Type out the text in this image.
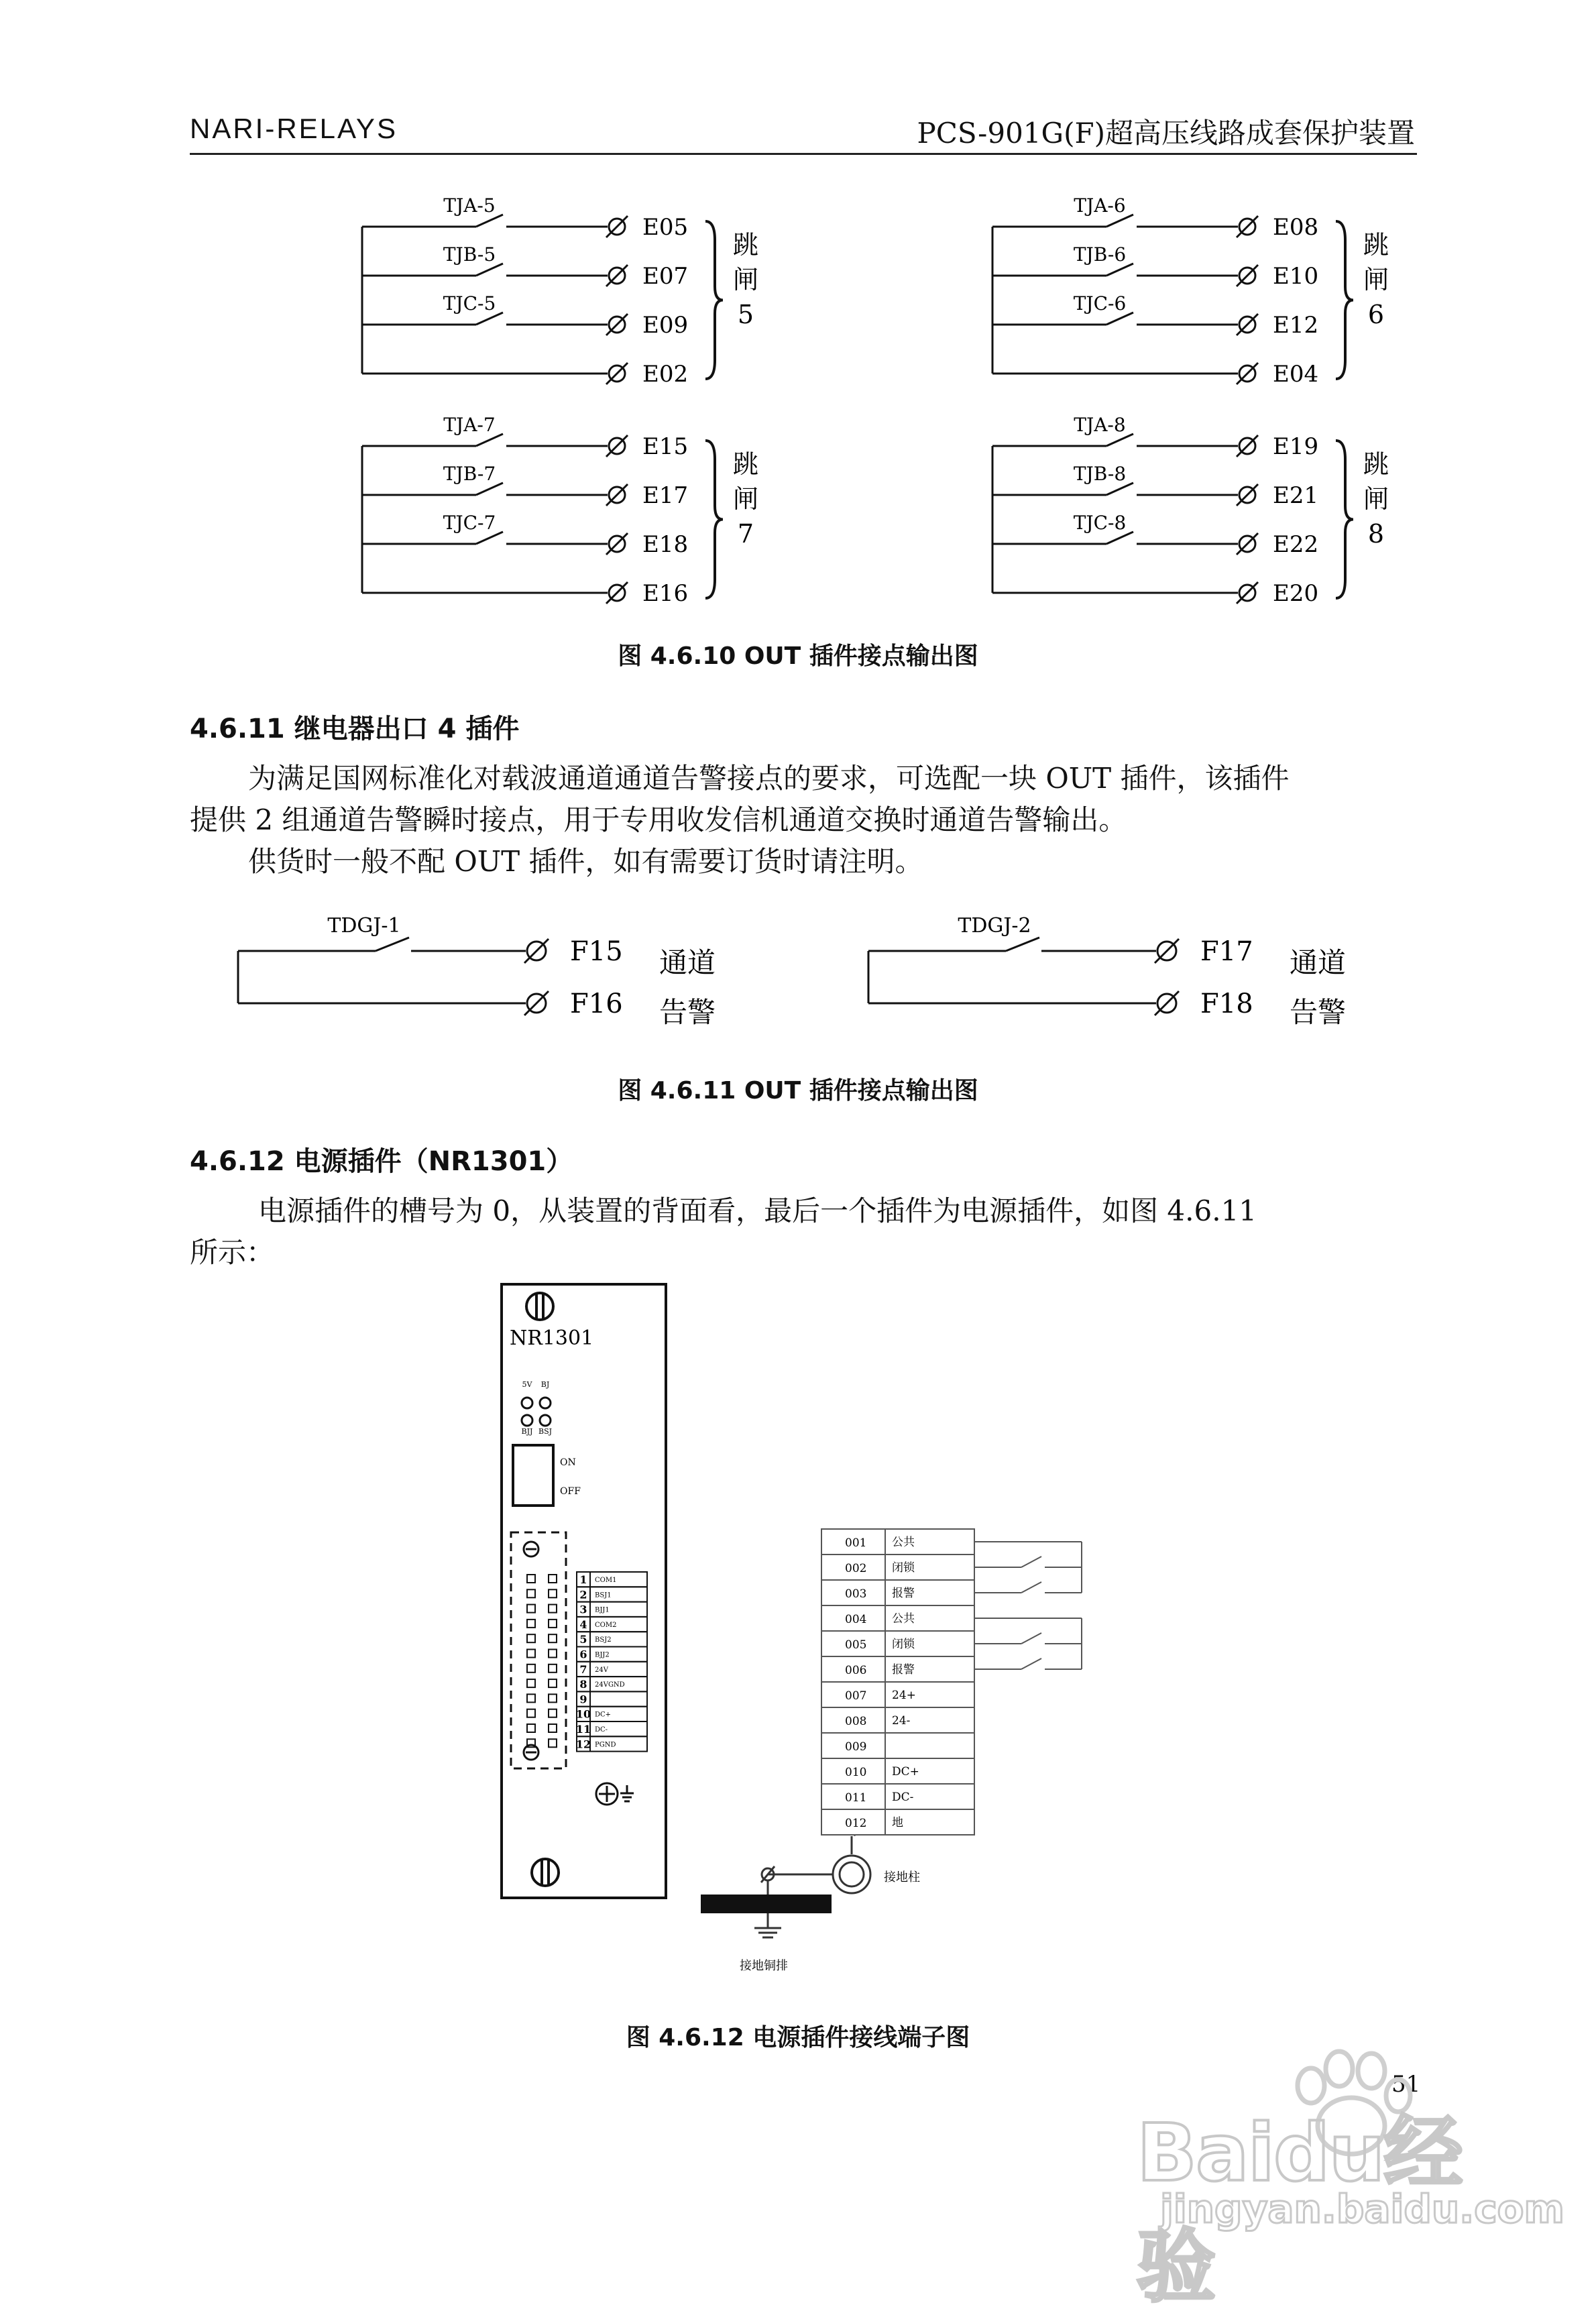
NARI-RELAYS	PCS-901G(F)超高压线路成套保护装置
TJA-5
E05
TJB-5
E07
TJC-5
E09
E02
跳
闸
5
TJA-6
E08
TJB-6
E10
TJC-6
E12
E04
跳
闸
6
TJA-7
E15
TJB-7
E17
TJC-7
E18
E16
跳
闸
7
TJA-8
E19
TJB-8
E21
TJC-8
E22
E20
跳
闸
8
图 4.6.10 OUT 插件接点输出图
4.6.11 继电器出口 4 插件
为满足国网标准化对载波通道通道告警接点的要求，可选配一块 OUT 插件，该插件
提供 2 组通道告警瞬时接点，用于专用收发信机通道交换时通道告警输出。
供货时一般不配 OUT 插件，如有需要订货时请注明。
TDGJ-1
F15
F16
通道
告警
TDGJ-2
F17
F18
通道
告警
图 4.6.11 OUT 插件接点输出图
4.6.12 电源插件（NR1301）
电源插件的槽号为 0，从装置的背面看，最后一个插件为电源插件，如图 4.6.11
所示：
NR1301
5V BJ
BJJ BSJ
ON
OFF
1 COM1
2 BSJ1
3 BJJ1
4 COM2
5 BSJ2
6 BJJ2
7 24V
8 24VGND
9
10 DC+
11 DC-
12 PGND
001 公共
002 闭锁
003 报警
004 公共
005 闭锁
006 报警
007 24+
008 24-
009
010 DC+
011 DC-
012 地
接地柱
接地铜排
图 4.6.12 电源插件接线端子图
51
Baidu经验
jingyan.baidu.com
